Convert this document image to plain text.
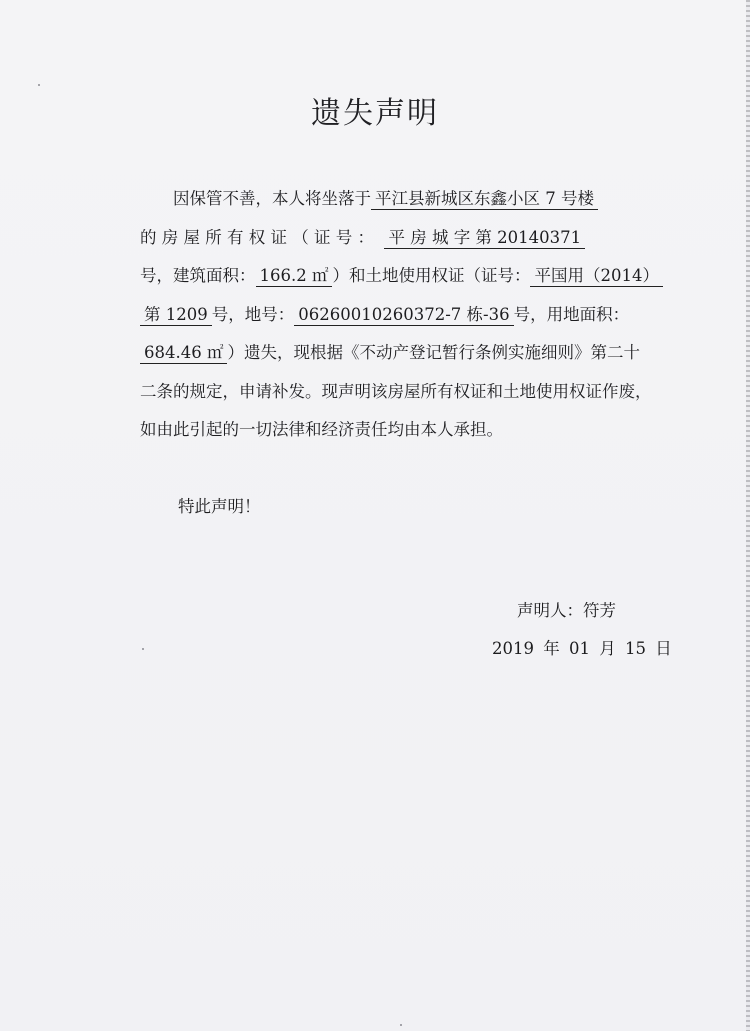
遗失声明
因保管不善，本人将坐落于 平江县新城区东鑫小区 7 号楼
的 房 屋 所 有 权 证 （ 证 号 ： 平 房 城 字 第 20140371
号，建筑面积： 166.2 ㎡ ）和土地使用权证（证号： 平国用（2014）
第 1209 号，地号： 06260010260372-7 栋-36 号，用地面积：
684.46 ㎡ ）遗失，现根据《不动产登记暂行条例实施细则》第二十
二条的规定，申请补发。现声明该房屋所有权证和土地使用权证作废，
如由此引起的一切法律和经济责任均由本人承担。
特此声明！
声明人：符芳
2019 年 01 月 15 日
